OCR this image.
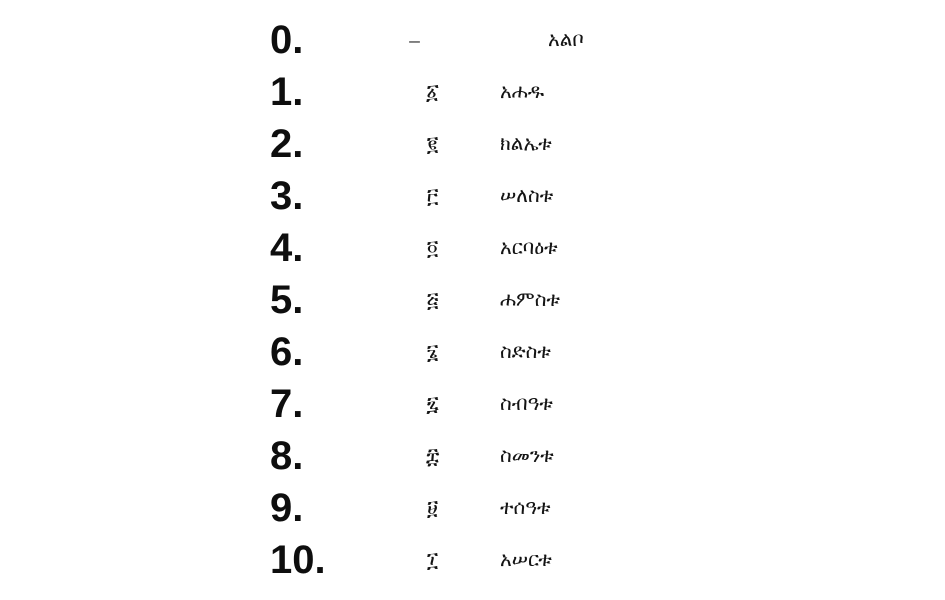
0.	–	አልቦ
1.	፩	አሐዱ
2.	፪	ክልኤቱ
3.	፫	ሠለስቱ
4.	፬	አርባዕቱ
5.	፭	ሐምስቱ
6.	፮	ስድስቱ
7.	፯	ስብዓቱ
8.	፰	ስመንቱ
9.	፱	ተሰዓቱ
10.	፲	አሠርቱ
